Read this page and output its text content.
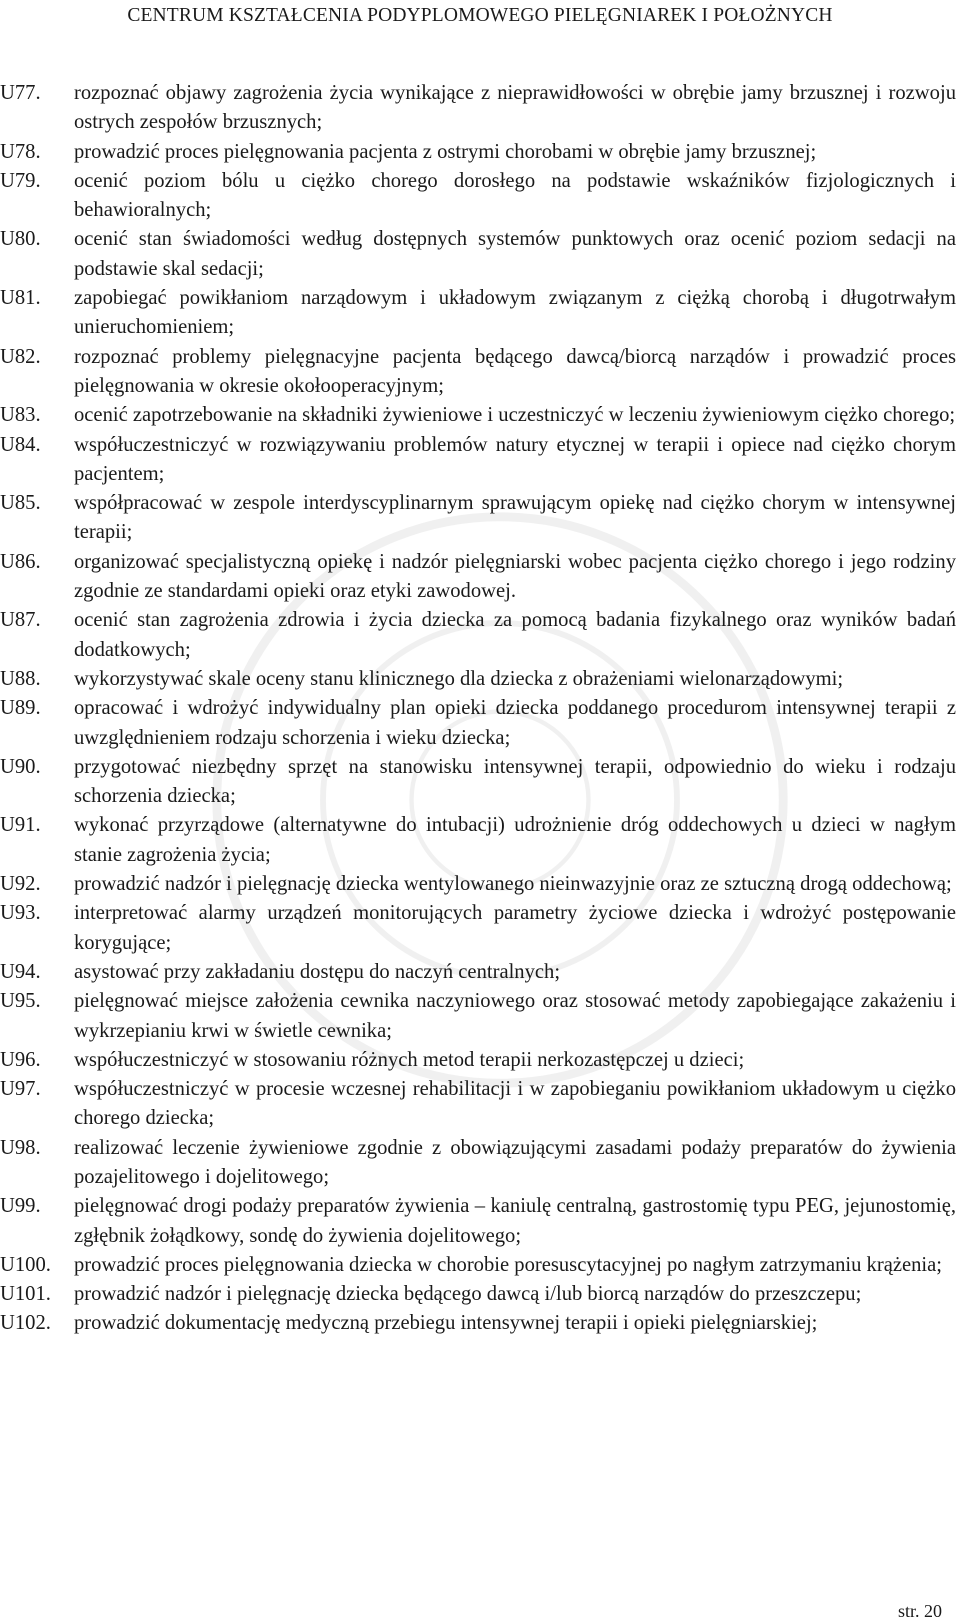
CENTRUM KSZTAŁCENIA PODYPLOMOWEGO PIELĘGNIAREK I POŁOŻNYCH
U77.	rozpoznać objawy zagrożenia życia wynikające z nieprawidłowości w obrębie jamy brzusznej i rozwoju ostrych zespołów brzusznych;
U78.	prowadzić proces pielęgnowania pacjenta z ostrymi chorobami w obrębie jamy brzusznej;
U79.	ocenić poziom bólu u ciężko chorego dorosłego na podstawie wskaźników fizjologicznych i behawioralnych;
U80.	ocenić stan świadomości według dostępnych systemów punktowych oraz ocenić poziom sedacji na podstawie skal sedacji;
U81.	zapobiegać powikłaniom narządowym i układowym związanym z ciężką chorobą i długotrwałym unieruchomieniem;
U82.	rozpoznać problemy pielęgnacyjne pacjenta będącego dawcą/biorcą narządów i prowadzić proces pielęgnowania w okresie okołooperacyjnym;
U83.	ocenić zapotrzebowanie na składniki żywieniowe i uczestniczyć w leczeniu żywieniowym ciężko chorego;
U84.	współuczestniczyć w rozwiązywaniu problemów natury etycznej w terapii i opiece nad ciężko chorym pacjentem;
U85.	współpracować w zespole interdyscyplinarnym sprawującym opiekę nad ciężko chorym w intensywnej terapii;
U86.	organizować specjalistyczną opiekę i nadzór pielęgniarski wobec pacjenta ciężko chorego i jego rodziny zgodnie ze standardami opieki oraz etyki zawodowej.
U87.	ocenić stan zagrożenia zdrowia i życia dziecka za pomocą badania fizykalnego oraz wyników badań dodatkowych;
U88.	wykorzystywać skale oceny stanu klinicznego dla dziecka z obrażeniami wielonarządowymi;
U89.	opracować i wdrożyć indywidualny plan opieki dziecka poddanego procedurom intensywnej terapii z uwzględnieniem rodzaju schorzenia i wieku dziecka;
U90.	przygotować niezbędny sprzęt na stanowisku intensywnej terapii, odpowiednio do wieku i rodzaju schorzenia dziecka;
U91.	wykonać przyrządowe (alternatywne do intubacji) udrożnienie dróg oddechowych u dzieci w nagłym stanie zagrożenia życia;
U92.	prowadzić nadzór i pielęgnację dziecka wentylowanego nieinwazyjnie oraz ze sztuczną drogą oddechową;
U93.	interpretować alarmy urządzeń monitorujących parametry życiowe dziecka i wdrożyć postępowanie korygujące;
U94.	asystować przy zakładaniu dostępu do naczyń centralnych;
U95.	pielęgnować miejsce założenia cewnika naczyniowego oraz stosować metody zapobiegające zakażeniu i wykrzepianiu krwi w świetle cewnika;
U96.	współuczestniczyć w stosowaniu różnych metod terapii nerkozastępczej u dzieci;
U97.	współuczestniczyć w procesie wczesnej rehabilitacji i w zapobieganiu powikłaniom układowym u ciężko chorego dziecka;
U98.	realizować leczenie żywieniowe zgodnie z obowiązującymi zasadami podaży preparatów do żywienia pozajelitowego i dojelitowego;
U99.	pielęgnować drogi podaży preparatów żywienia – kaniulę centralną, gastrostomię typu PEG, jejunostomię, zgłębnik żołądkowy, sondę do żywienia dojelitowego;
U100.	prowadzić proces pielęgnowania dziecka w chorobie poresuscytacyjnej po nagłym zatrzymaniu krążenia;
U101.	prowadzić nadzór i pielęgnację dziecka będącego dawcą i/lub biorcą narządów do przeszczepu;
U102.	prowadzić dokumentację medyczną przebiegu intensywnej terapii i opieki pielęgniarskiej;
str. 20
